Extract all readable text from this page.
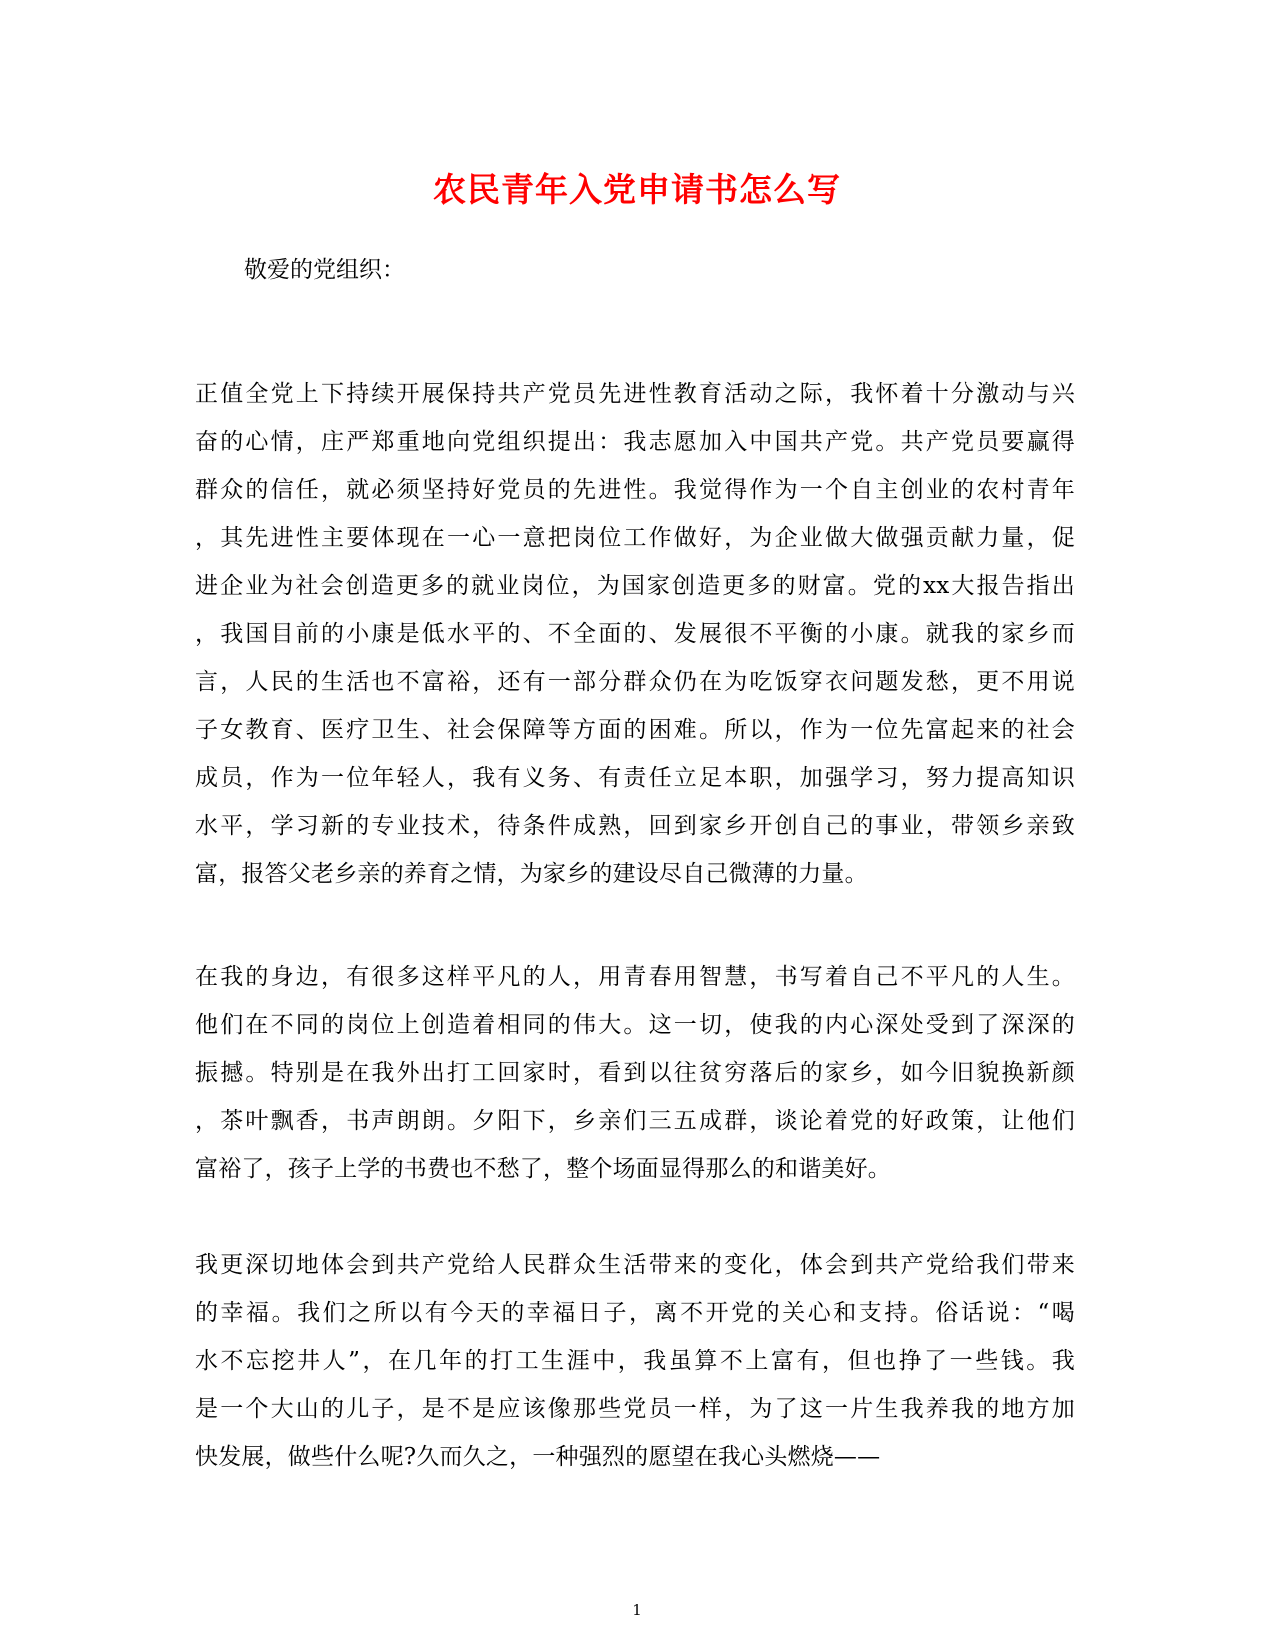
农民青年入党申请书怎么写
敬爱的党组织：
正值全党上下持续开展保持共产党员先进性教育活动之际，我怀着十分激动与兴
奋的心情，庄严郑重地向党组织提出：我志愿加入中国共产党。共产党员要赢得
群众的信任，就必须坚持好党员的先进性。我觉得作为一个自主创业的农村青年
，其先进性主要体现在一心一意把岗位工作做好，为企业做大做强贡献力量，促
进企业为社会创造更多的就业岗位，为国家创造更多的财富。党的xx大报告指出
，我国目前的小康是低水平的、不全面的、发展很不平衡的小康。就我的家乡而
言，人民的生活也不富裕，还有一部分群众仍在为吃饭穿衣问题发愁，更不用说
子女教育、医疗卫生、社会保障等方面的困难。所以，作为一位先富起来的社会
成员，作为一位年轻人，我有义务、有责任立足本职，加强学习，努力提高知识
水平，学习新的专业技术，待条件成熟，回到家乡开创自己的事业，带领乡亲致
富，报答父老乡亲的养育之情，为家乡的建设尽自己微薄的力量。
在我的身边，有很多这样平凡的人，用青春用智慧，书写着自己不平凡的人生。
他们在不同的岗位上创造着相同的伟大。这一切，使我的内心深处受到了深深的
振撼。特别是在我外出打工回家时，看到以往贫穷落后的家乡，如今旧貌换新颜
，茶叶飘香，书声朗朗。夕阳下，乡亲们三五成群，谈论着党的好政策，让他们
富裕了，孩子上学的书费也不愁了，整个场面显得那么的和谐美好。
我更深切地体会到共产党给人民群众生活带来的变化，体会到共产党给我们带来
的幸福。我们之所以有今天的幸福日子，离不开党的关心和支持。俗话说：“喝
水不忘挖井人”，在几年的打工生涯中，我虽算不上富有，但也挣了一些钱。我
是一个大山的儿子，是不是应该像那些党员一样，为了这一片生我养我的地方加
快发展，做些什么呢?久而久之，一种强烈的愿望在我心头燃烧——
1
